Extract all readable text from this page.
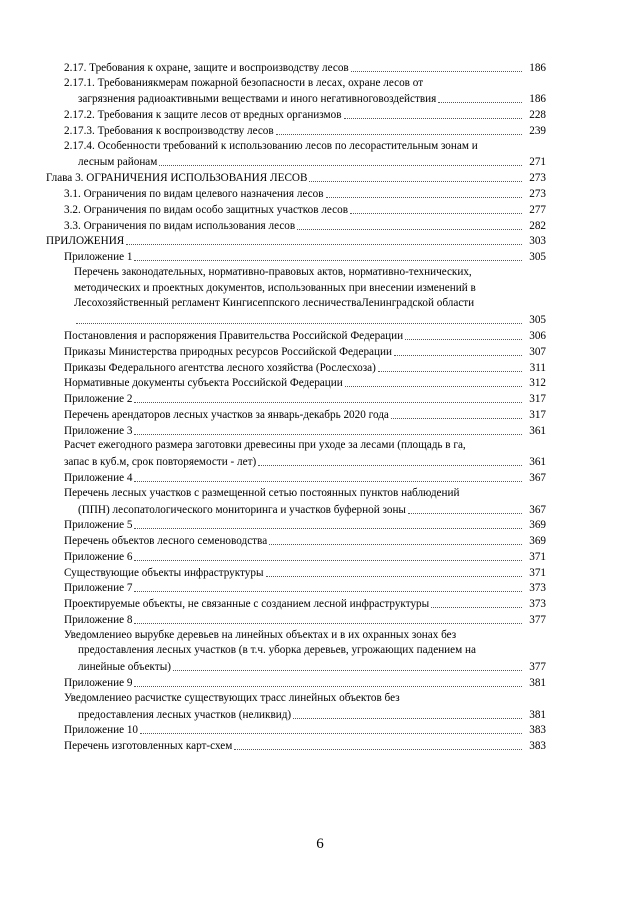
2.17. Требования к охране, защите и воспроизводству лесов	186
2.17.1. Требованиякмерам пожарной безопасности в лесах, охране лесов от
загрязнения радиоактивными веществами и иного негативноговоздействия	186
2.17.2. Требования к защите лесов от вредных организмов	228
2.17.3. Требования к воспроизводству лесов	239
2.17.4. Особенности требований к использованию лесов по лесорастительным зонам и
лесным районам	271
Глава 3. ОГРАНИЧЕНИЯ ИСПОЛЬЗОВАНИЯ ЛЕСОВ	273
3.1. Ограничения по видам целевого назначения лесов	273
3.2. Ограничения по видам особо защитных участков лесов	277
3.3. Ограничения по видам использования лесов	282
ПРИЛОЖЕНИЯ	303
Приложение 1	305
Перечень законодательных, нормативно-правовых актов, нормативно-технических,
методических и проектных документов, использованных при внесении изменений в
Лесохозяйственный регламент Кингисеппского лесничестваЛенинградской области
305
Постановления и распоряжения Правительства Российской Федерации	306
Приказы Министерства природных ресурсов Российской Федерации	307
Приказы Федерального агентства лесного хозяйства (Рослесхоза)	311
Нормативные документы субъекта Российской Федерации	312
Приложение 2	317
Перечень арендаторов лесных участков за январь-декабрь 2020 года	317
Приложение 3	361
Расчет ежегодного размера заготовки древесины при уходе за лесами (площадь в га,
запас в куб.м, срок повторяемости - лет)	361
Приложение 4	367
Перечень лесных участков с размещенной сетью постоянных пунктов наблюдений
(ППН) лесопатологического мониторинга и участков буферной зоны	367
Приложение 5	369
Перечень объектов лесного семеноводства	369
Приложение 6	371
Существующие объекты инфраструктуры	371
Приложение 7	373
Проектируемые объекты, не связанные с созданием лесной инфраструктуры	373
Приложение 8	377
Уведомлениео вырубке деревьев на линейных объектах и в их охранных зонах без
предоставления лесных участков (в т.ч. уборка деревьев, угрожающих падением на
линейные объекты)	377
Приложение 9	381
Уведомлениео расчистке существующих трасс линейных объектов без
предоставления лесных участков (неликвид)	381
Приложение 10	383
Перечень изготовленных карт-схем	383
6
